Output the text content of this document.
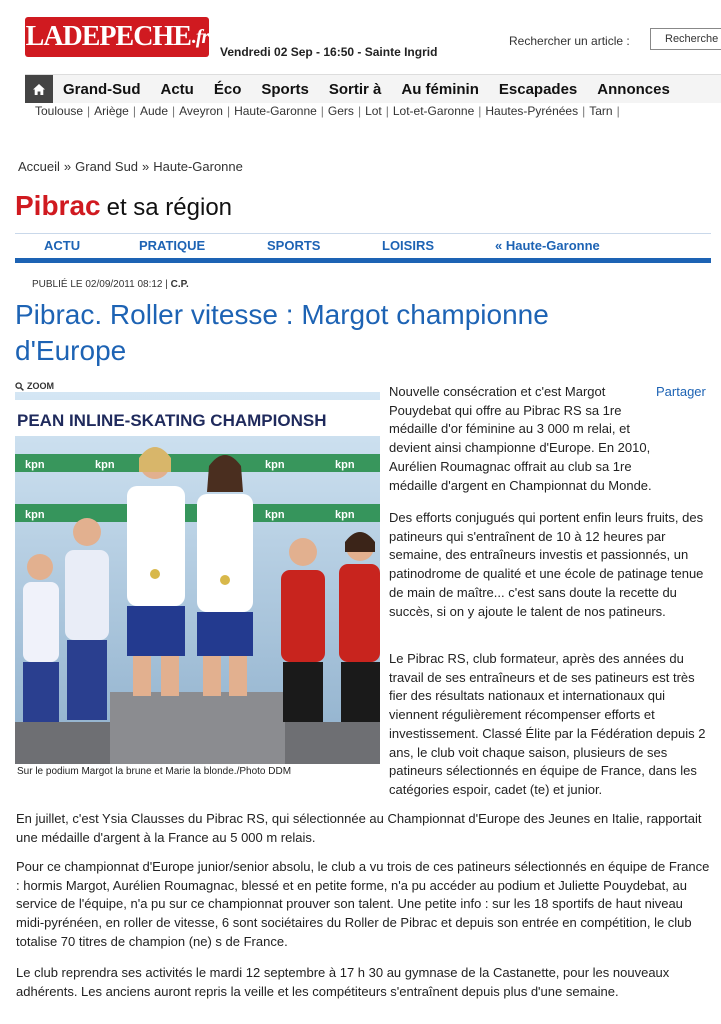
LADEPECHE .fr
Vendredi 02 Sep - 16:50 - Sainte Ingrid
Rechercher un article :
Recherche
Grand-Sud Actu Éco Sports Sortir à Au féminin Escapades Annonces
Toulouse | Ariège | Aude | Aveyron | Haute-Garonne | Gers | Lot | Lot-et-Garonne | Hautes-Pyrénées | Tarn |
Accueil » Grand Sud » Haute-Garonne
Pibrac et sa région
ACTU	PRATIQUE	SPORTS	LOISIRS	« Haute-Garonne
PUBLIÉ LE 02/09/2011 08:12 | C.P.
Pibrac. Roller vitesse : Margot championne d'Europe
ZOOM
PEAN INLINE-SKATING CHAMPIONSH
kpn	kpn	kpn	kpn
kpn	kpn	kpn
Sur le podium Margot la brune et Marie la blonde./Photo DDM
Partager

Nouvelle consécration et c'est Margot Pouydebat qui offre au Pibrac RS sa 1re médaille d'or féminine au 3 000 m relai, et devient ainsi championne d'Europe. En 2010, Aurélien Roumagnac offrait au club sa 1re médaille d'argent en Championnat du Monde.

Des efforts conjugués qui portent enfin leurs fruits, des patineurs qui s'entraînent de 10 à 12 heures par semaine, des entraîneurs investis et passionnés, un patinodrome de qualité et une école de patinage tenue de main de maître... c'est sans doute la recette du succès, si on y ajoute le talent de nos patineurs.

Le Pibrac RS, club formateur, après des années du travail de ses entraîneurs et de ses patineurs est très fier des résultats nationaux et internationaux qui viennent régulièrement récompenser efforts et investissement. Classé Élite par la Fédération depuis 2 ans, le club voit chaque saison, plusieurs de ses patineurs sélectionnés en équipe de France, dans les catégories espoir, cadet (te) et junior.

En juillet, c'est Ysia Clausses du Pibrac RS, qui sélectionnée au Championnat d'Europe des Jeunes en Italie, rapportait une médaille d'argent à la France au 5 000 m relais.

Pour ce championnat d'Europe junior/senior absolu, le club a vu trois de ces patineurs sélectionnés en équipe de France : hormis Margot, Aurélien Roumagnac, blessé et en petite forme, n'a pu accéder au podium et Juliette Pouydebat, au service de l'équipe, n'a pu sur ce championnat prouver son talent. Une petite info : sur les 18 sportifs de haut niveau midi-pyrénéen, en roller de vitesse, 6 sont sociétaires du Roller de Pibrac et depuis son entrée en compétition, le club totalise 70 titres de champion (ne) s de France.

Le club reprendra ses activités le mardi 12 septembre à 17 h 30 au gymnase de la Castanette, pour les nouveaux adhérents. Les anciens auront repris la veille et les compétiteurs s'entraînent depuis plus d'une semaine.
